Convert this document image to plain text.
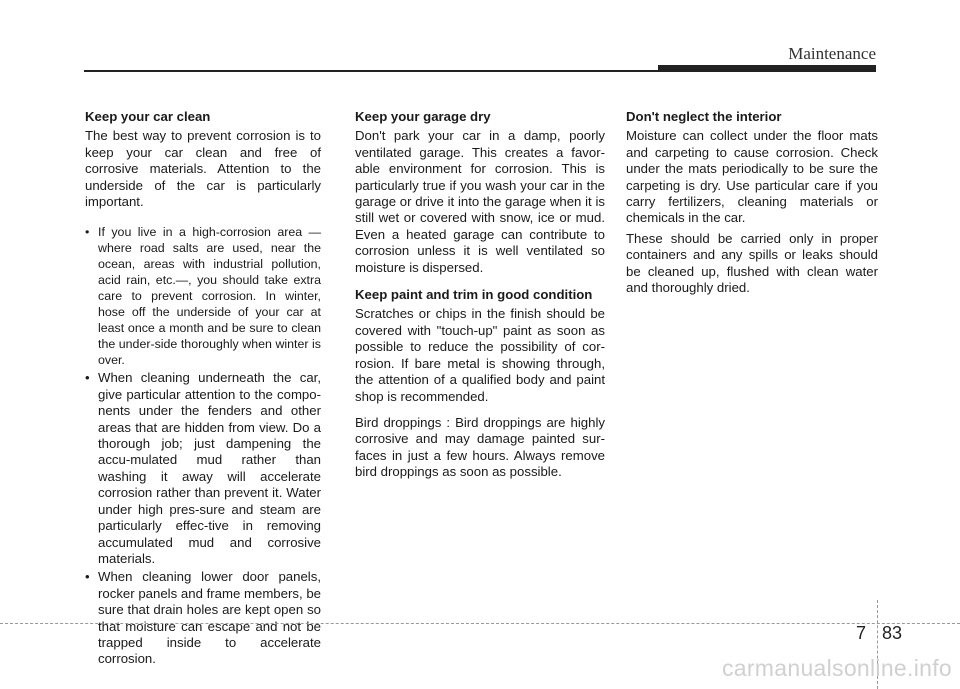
Maintenance
Keep your car clean
The best way to prevent corrosion is to keep your car clean and free of corrosive materials. Attention to the underside of the car is particularly important.
• If you live in a high-corrosion area — where road salts are used, near the ocean, areas with industrial pollution, acid rain, etc.—, you should take extra care to prevent corrosion. In winter, hose off the underside of your car at least once a month and be sure to clean the under-side thoroughly when winter is over.
• When cleaning underneath the car, give particular attention to the compo-nents under the fenders and other areas that are hidden from view. Do a thorough job; just dampening the accu-mulated mud rather than washing it away will accelerate corrosion rather than prevent it. Water under high pres-sure and steam are particularly effec-tive in removing accumulated mud and corrosive materials.
• When cleaning lower door panels, rocker panels and frame members, be sure that drain holes are kept open so that moisture can escape and not be trapped inside to accelerate corrosion.
Keep your garage dry
Don't park your car in a damp, poorly ventilated garage. This creates a favor-able environment for corrosion. This is particularly true if you wash your car in the garage or drive it into the garage when it is still wet or covered with snow, ice or mud. Even a heated garage can contribute to corrosion unless it is well ventilated so moisture is dispersed.
Keep paint and trim in good condition
Scratches or chips in the finish should be covered with "touch-up" paint as soon as possible to reduce the possibility of cor-rosion. If bare metal is showing through, the attention of a qualified body and paint shop is recommended.
Bird droppings : Bird droppings are highly corrosive and may damage painted sur-faces in just a few hours. Always remove bird droppings as soon as possible.
Don't neglect the interior
Moisture can collect under the floor mats and carpeting to cause corrosion. Check under the mats periodically to be sure the carpeting is dry. Use particular care if you carry fertilizers, cleaning materials or chemicals in the car.
These should be carried only in proper containers and any spills or leaks should be cleaned up, flushed with clean water and thoroughly dried.
7 83
carmanualsonline.info
